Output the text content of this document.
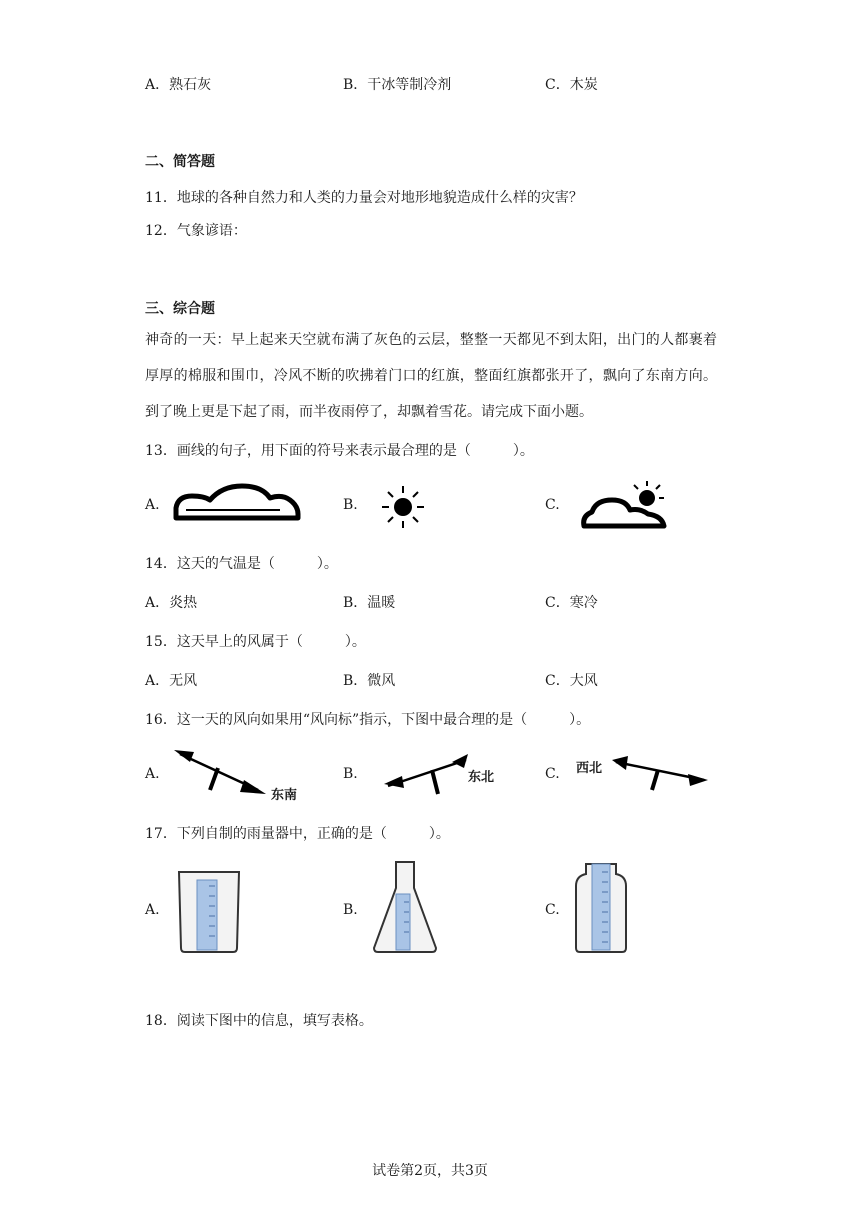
A．熟石灰	B．干冰等制冷剂	C．木炭
二、简答题
11．地球的各种自然力和人类的力量会对地形地貌造成什么样的灾害？
12．气象谚语：
三、综合题
神奇的一天：早上起来天空就布满了灰色的云层，整整一天都见不到太阳，出门的人都裹着厚厚的棉服和围巾，冷风不断的吹拂着门口的红旗，整面红旗都张开了，飘向了东南方向。到了晚上更是下起了雨，而半夜雨停了，却飘着雪花。请完成下面小题。
13．画线的句子，用下面的符号来表示最合理的是（　　　）。
A.	B.	C.
14．这天的气温是（　　　）。
A．炎热	B．温暖	C．寒冷
15．这天早上的风属于（　　　）。
A．无风	B．微风	C．大风
16．这一天的风向如果用“风向标”指示，下图中最合理的是（　　　）。
A.
东南
B.	东北	C. 西北
17．下列自制的雨量器中，正确的是（　　　）。
A.	B.	C.
18．阅读下图中的信息，填写表格。
试卷第2页，共3页
